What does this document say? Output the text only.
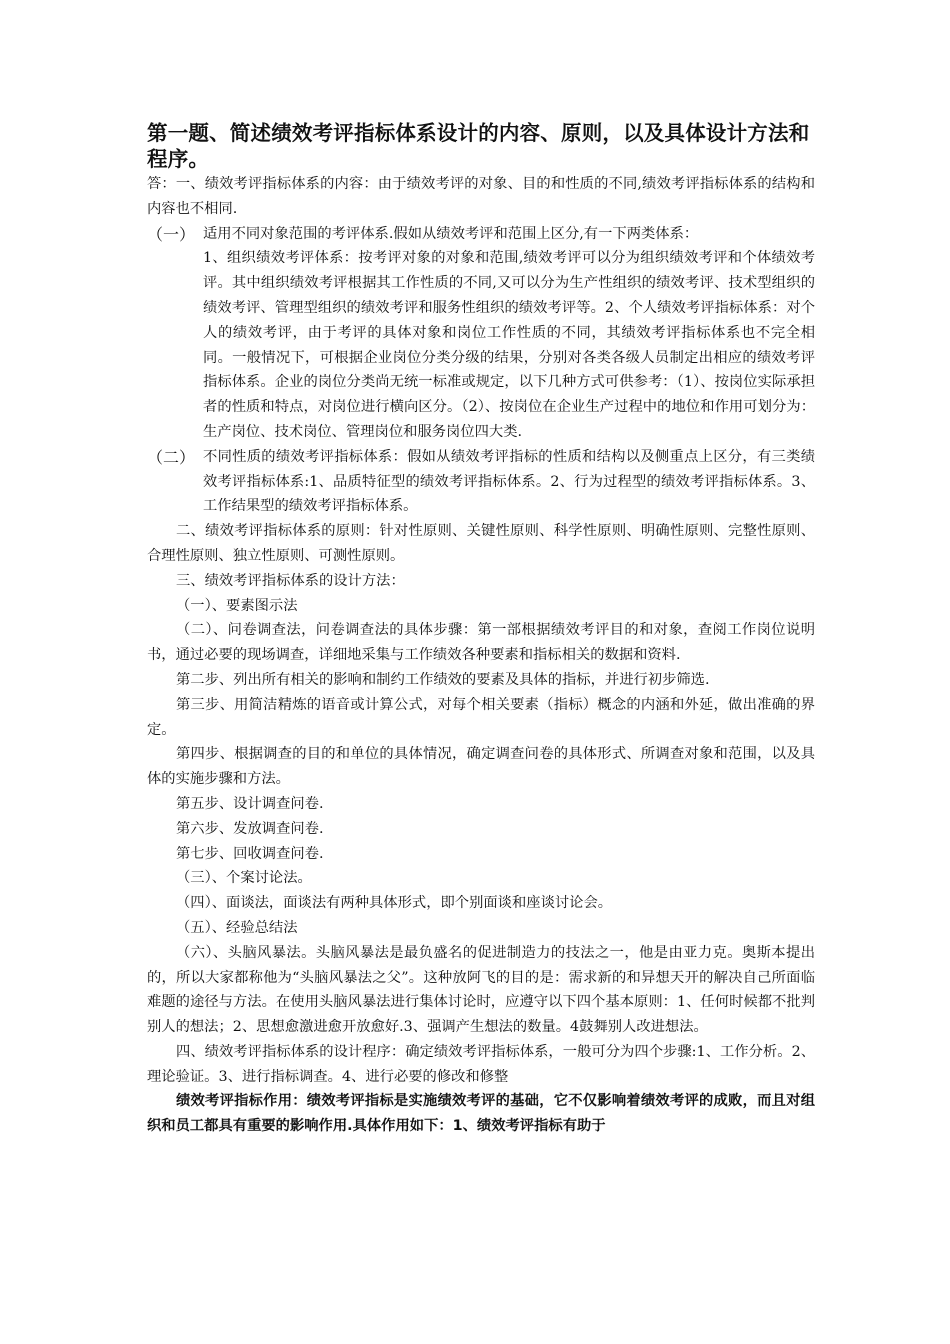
第一题、简述绩效考评指标体系设计的内容、原则，以及具体设计方法和程序。

答：一、绩效考评指标体系的内容：由于绩效考评的对象、目的和性质的不同,绩效考评指标体系的结构和内容也不相同.

（一） 适用不同对象范围的考评体系.假如从绩效考评和范围上区分,有一下两类体系：

1、组织绩效考评体系：按考评对象的对象和范围,绩效考评可以分为组织绩效考评和个体绩效考评。其中组织绩效考评根据其工作性质的不同,又可以分为生产性组织的绩效考评、技术型组织的绩效考评、管理型组织的绩效考评和服务性组织的绩效考评等。2、个人绩效考评指标体系：对个人的绩效考评，由于考评的具体对象和岗位工作性质的不同，其绩效考评指标体系也不完全相同。一般情况下，可根据企业岗位分类分级的结果，分别对各类各级人员制定出相应的绩效考评指标体系。企业的岗位分类尚无统一标准或规定，以下几种方式可供参考：（1）、按岗位实际承担者的性质和特点，对岗位进行横向区分。（2）、按岗位在企业生产过程中的地位和作用可划分为：生产岗位、技术岗位、管理岗位和服务岗位四大类.

（二） 不同性质的绩效考评指标体系：假如从绩效考评指标的性质和结构以及侧重点上区分，有三类绩效考评指标体系:1、品质特征型的绩效考评指标体系。2、行为过程型的绩效考评指标体系。3、工作结果型的绩效考评指标体系。

二、绩效考评指标体系的原则：针对性原则、关键性原则、科学性原则、明确性原则、完整性原则、合理性原则、独立性原则、可测性原则。

三、绩效考评指标体系的设计方法：

（一）、要素图示法

（二）、问卷调查法，问卷调查法的具体步骤：第一部根据绩效考评目的和对象，查阅工作岗位说明书，通过必要的现场调查，详细地采集与工作绩效各种要素和指标相关的数据和资料.

第二步、列出所有相关的影响和制约工作绩效的要素及具体的指标，并进行初步筛选.

第三步、用简洁精炼的语音或计算公式，对每个相关要素（指标）概念的内涵和外延，做出准确的界定。

第四步、根据调查的目的和单位的具体情况，确定调查问卷的具体形式、所调查对象和范围，以及具体的实施步骤和方法。

第五步、设计调查问卷.

第六步、发放调查问卷.

第七步、回收调查问卷.

（三）、个案讨论法。

（四）、面谈法，面谈法有两种具体形式，即个别面谈和座谈讨论会。

（五）、经验总结法

（六）、头脑风暴法。头脑风暴法是最负盛名的促进制造力的技法之一，他是由亚力克。奥斯本提出的，所以大家都称他为“头脑风暴法之父”。这种放阿飞的目的是：需求新的和异想天开的解决自己所面临难题的途径与方法。在使用头脑风暴法进行集体讨论时，应遵守以下四个基本原则：1、任何时候都不批判别人的想法；2、思想愈激进愈开放愈好.3、强调产生想法的数量。4鼓舞别人改进想法。

四、绩效考评指标体系的设计程序：确定绩效考评指标体系，一般可分为四个步骤:1、工作分析。2、理论验证。3、进行指标调查。4、进行必要的修改和修整

绩效考评指标作用：绩效考评指标是实施绩效考评的基础，它不仅影响着绩效考评的成败，而且对组织和员工都具有重要的影响作用.具体作用如下：1、绩效考评指标有助于
